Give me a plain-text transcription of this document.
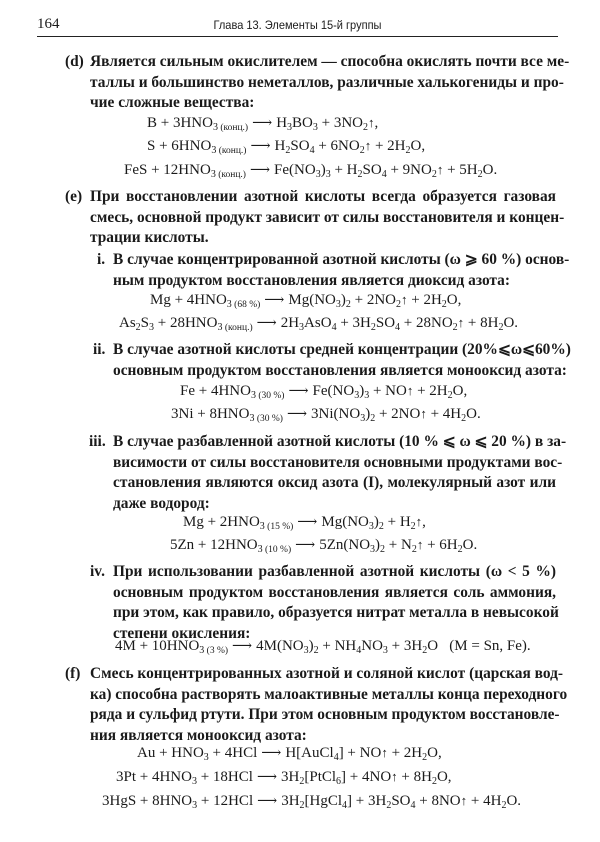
164	Глава 13. Элементы 15-й группы
(d) Является сильным окислителем — способна окислять почти все ме-
таллы и большинство неметаллов, различные халькогениды и про-
чие сложные вещества:
$B + 3HNO_3$ $_{(конц.)}$ ⟶ $H_3BO_3$ + $3NO_2↑$,
$S + 6HNO_3$ $_{(конц.)}$ ⟶ $H_2SO_4$ + $6NO_2↑ + 2H_2O$,
FeS + $12HNO_3$ $_{(конц.)}$ ⟶ $Fe(NO_3)_3 + H_2SO_4$ + $9NO_2↑ + 5H_2O$.
(e) При восстановлении азотной кислоты всегда образуется газовая
смесь, основной продукт зависит от силы восстановителя и концен-
трации кислоты.
i. В случае концентрированной азотной кислоты (ω ⩾ 60 %) основ-
ным продуктом восстановления является диоксид азота:
$Mg + 4HNO_3$ $_{(68 \%)}$ ⟶ $Mg(NO_3)_2$ + $2NO_2↑ + 2H_2O$,
$As_2S_3 + 28HNO_3$ $_{(конц.)}$ ⟶ $2H_3AsO_4 + 3H_2SO_4$ + $28NO_2↑ + 8H_2O$.
ii. В случае азотной кислоты средней концентрации (20%⩽ω⩽60%)
основным продуктом восстановления является монооксид азота:
$Fe + 4HNO_3$ $_{(30 \%)}$ ⟶ $Fe(NO_3)_3$ + NO↑ + $2H_2O$,
$3Ni + 8HNO_3$ $_{(30 \%)}$ ⟶ $3Ni(NO_3)_2$ + 2NO↑ + $4H_2O$.
iii. В случае разбавленной азотной кислоты (10 % ⩽ ω ⩽ 20 %) в за-
висимости от силы восстановителя основными продуктами вос-
становления являются оксид азота (I), молекулярный азот или
даже водород:
$Mg + 2HNO_3$ $_{(15 \%)}$ ⟶ $Mg(NO_3)_2$ + $H_2↑$,
$5Zn + 12HNO_3$ $_{(10 \%)}$ ⟶ $5Zn(NO_3)_2$ + $N_2↑ + 6H_2O$.
iv. При использовании разбавленной азотной кислоты (ω < 5 %)
основным продуктом восстановления является соль аммония,
при этом, как правило, образуется нитрат металла в невысокой
степени окисления:
$4M + 10HNO_3$ $_{(3 \%)}$ ⟶ $4M(NO_3)_2 + NH_4NO_3 + 3H_2O$   (M = Sn, Fe).
(f) Смесь концентрированных азотной и соляной кислот (царская вод-
ка) способна растворять малоактивные металлы конца переходного
ряда и сульфид ртути. При этом основным продуктом восстановле-
ния является монооксид азота:
$Au + HNO_3 + 4HCl$ ⟶ H[AuCl$_4$] + NO↑ + $2H_2O$,
$3Pt + 4HNO_3 + 18HCl$ ⟶ $3H_2[PtCl_6]$ + 4NO↑ + $8H_2O$,
$3HgS + 8HNO_3 + 12HCl$ ⟶ $3H_2[HgCl_4] + 3H_2SO_4$ + 8NO↑ + $4H_2O$.
